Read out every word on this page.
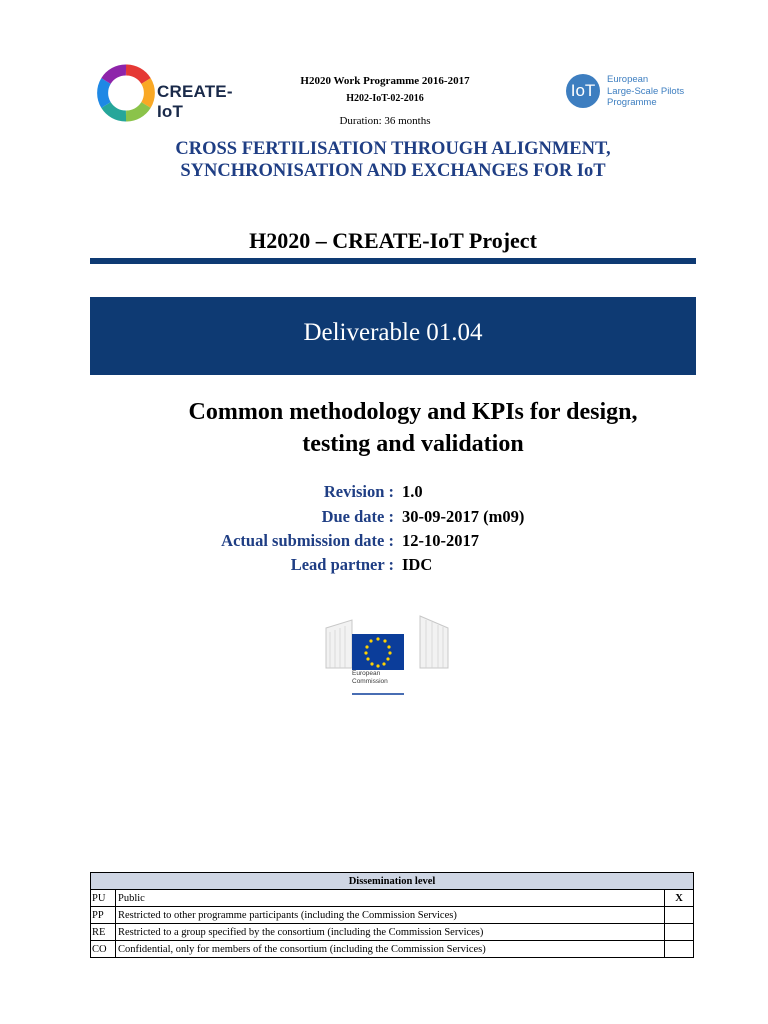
CREATE-IoT
H2020 Work Programme 2016-2017
H202-IoT-02-2016
Duration: 36 months
IoT
European
Large-Scale Pilots
Programme
CROSS FERTILISATION THROUGH ALIGNMENT,
SYNCHRONISATION AND EXCHANGES FOR IoT
H2020 – CREATE-IoT Project
Deliverable 01.04
Common methodology and KPIs for design,
testing and validation
Revision : 1.0
Due date : 30-09-2017 (m09)
Actual submission date : 12-10-2017
Lead partner : IDC
European
Commission
Dissemination level		
PU	Public	X
PP	Restricted to other programme participants (including the Commission Services)	
RE	Restricted to a group specified by the consortium (including the Commission Services)	
CO	Confidential, only for members of the consortium (including the Commission Services)	
